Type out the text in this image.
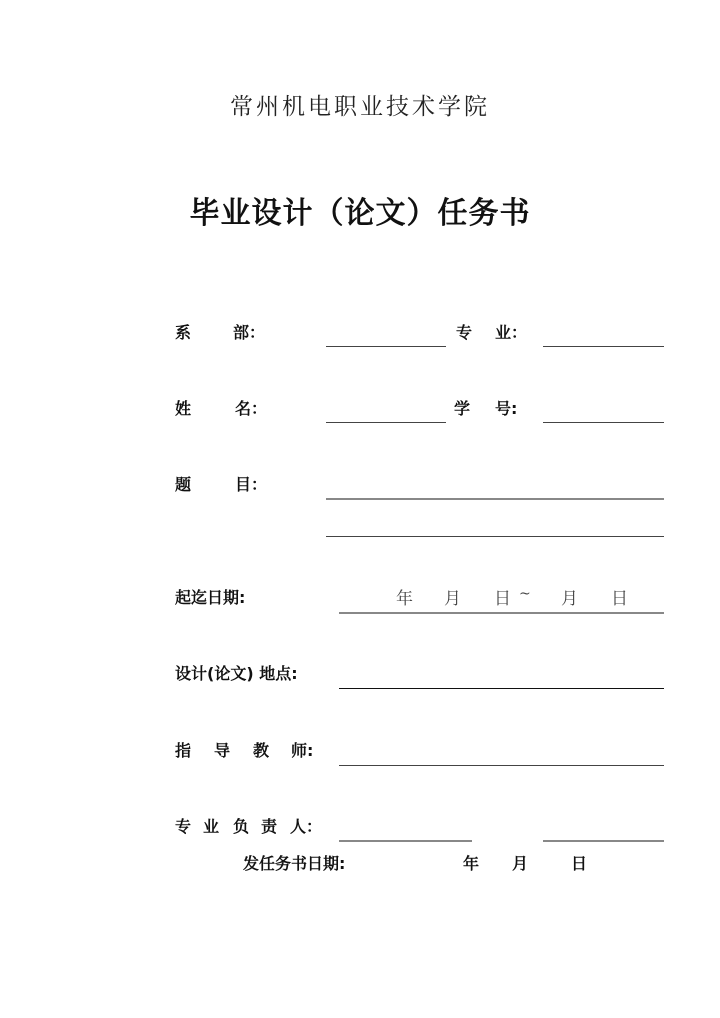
常州机电职业技术学院
毕业设计（论文）任务书
系	部：	专 业：
姓	名：	学 号:
题	目：
起迄日期:	年 月 日 ~ 月 日
设计(论文) 地点:
指 导 教 师:
专 业 负 责 人：
发任务书日期:	年 月	日
